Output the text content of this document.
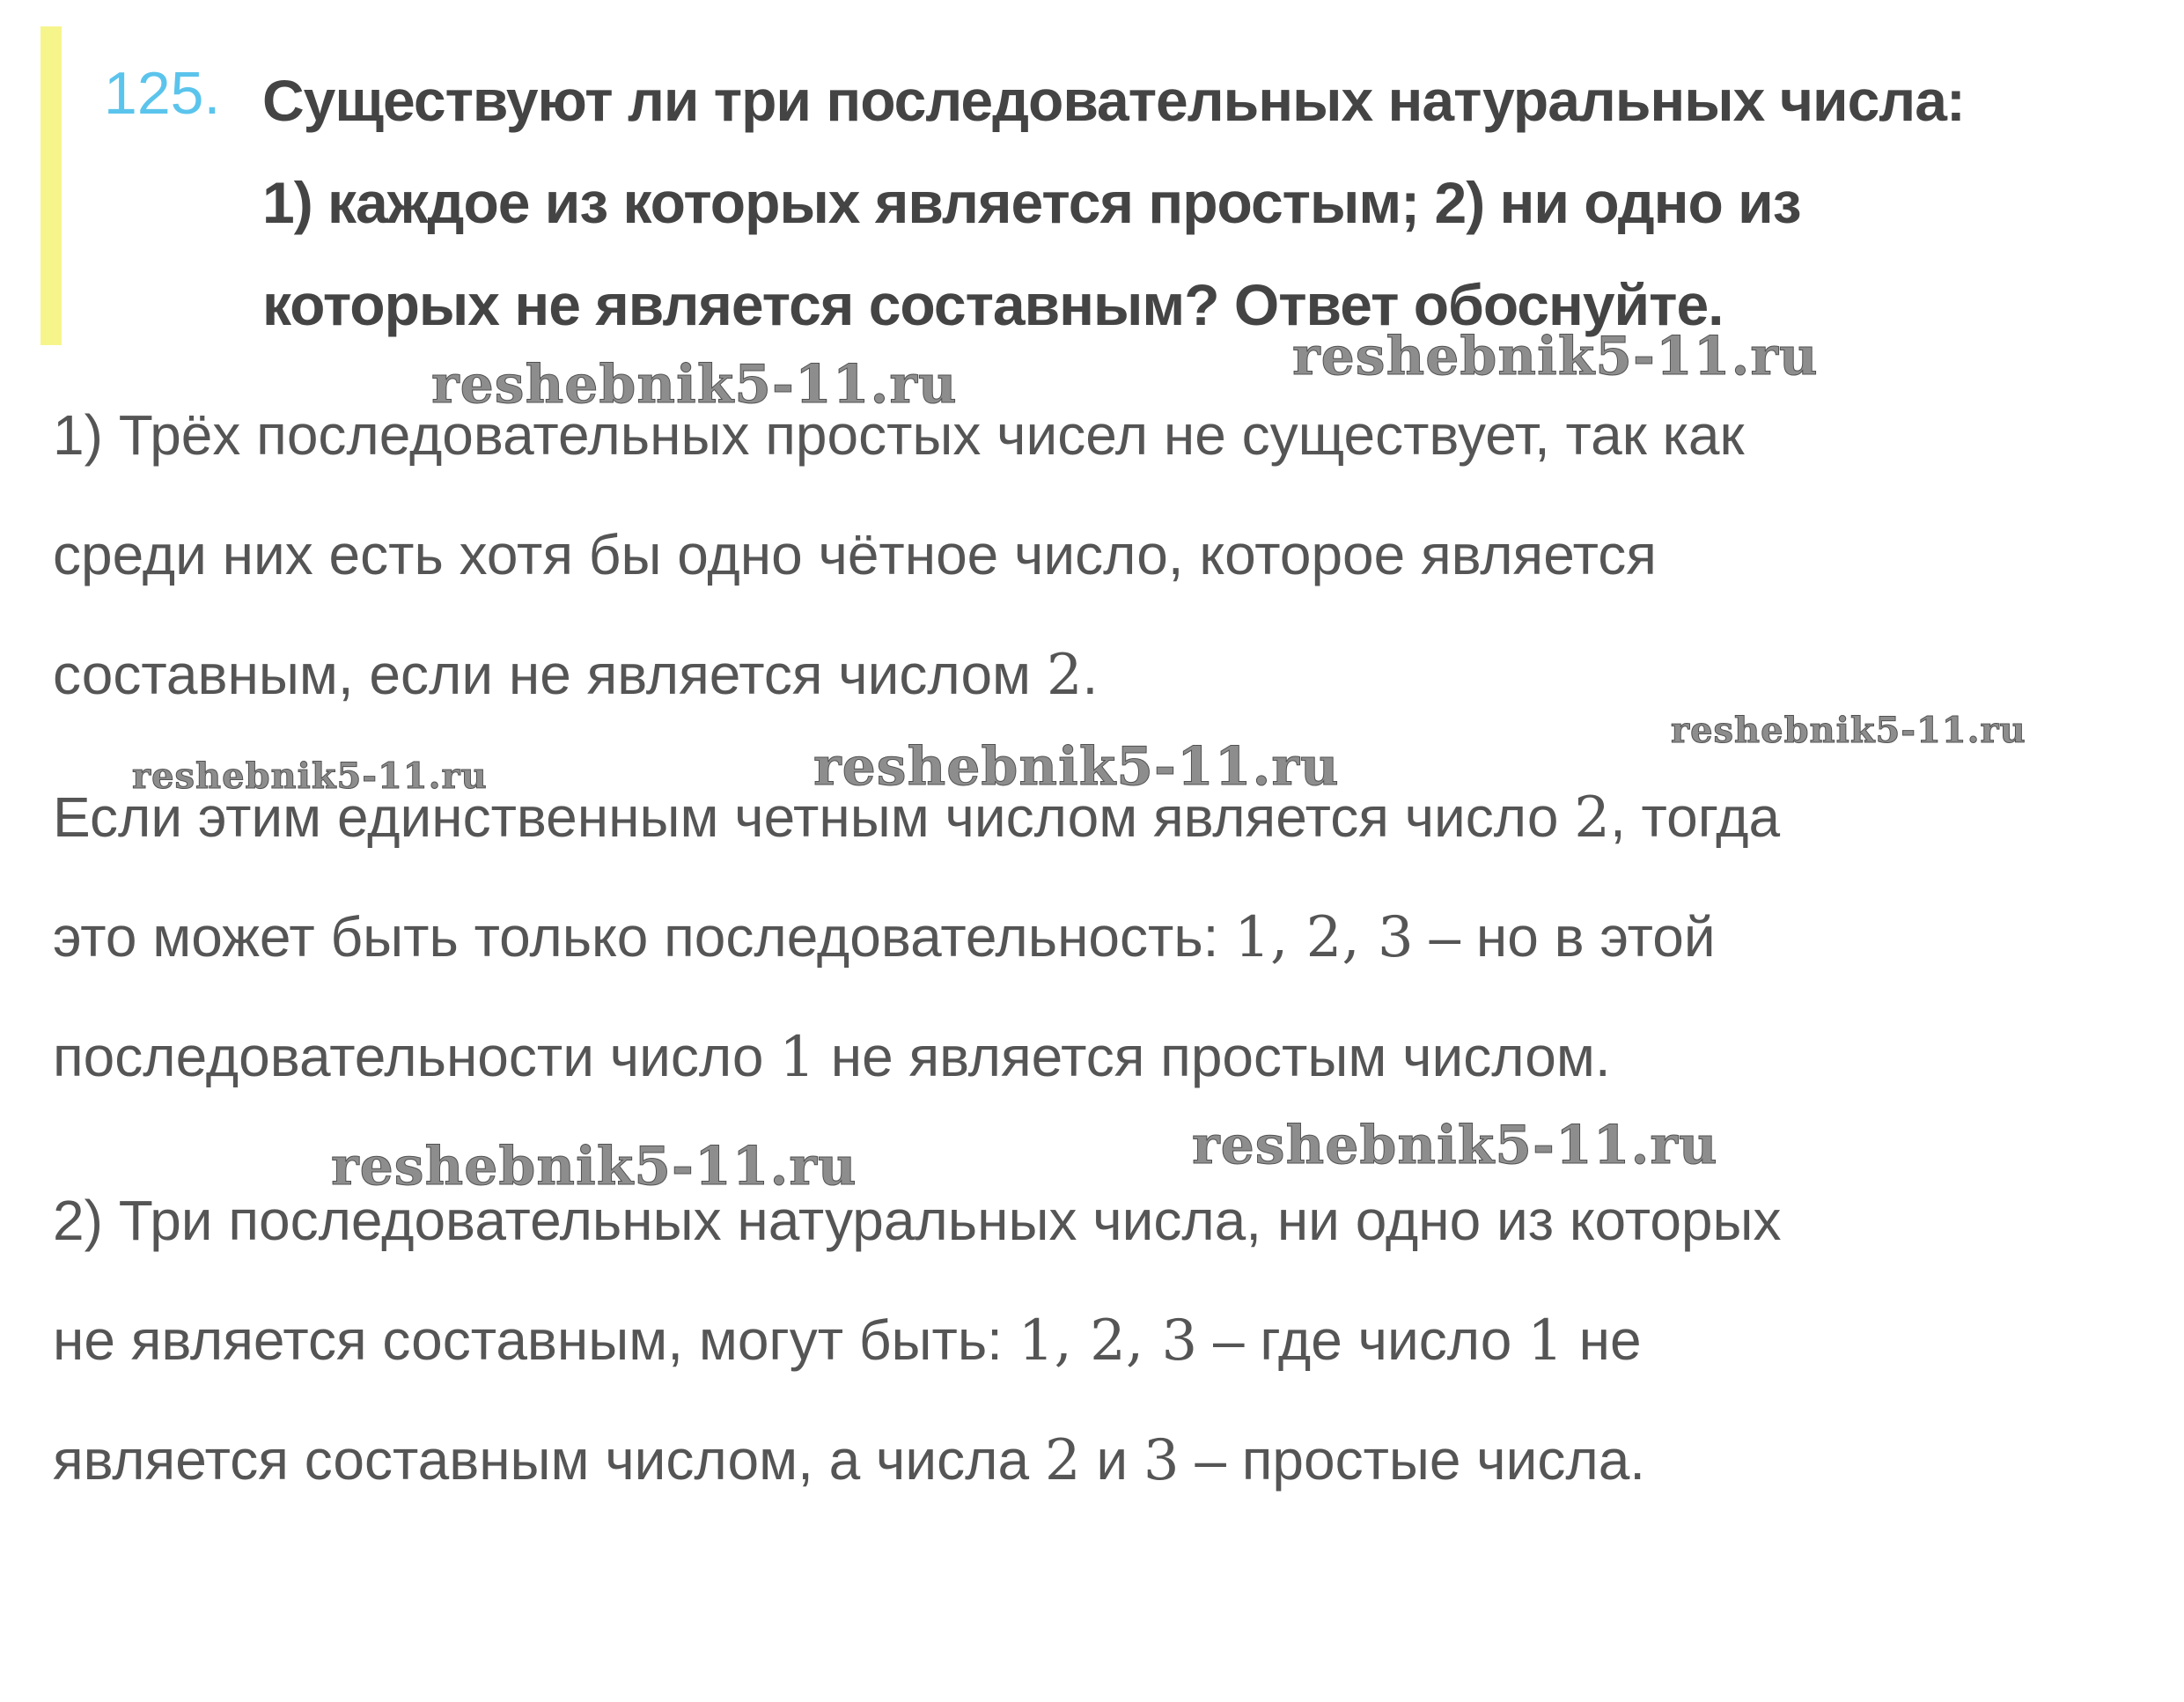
125. Существуют ли три последовательных натуральных числа:
1) каждое из которых является простым; 2) ни одно из
которых не является составным? Ответ обоснуйте.
1) Трёх последовательных простых чисел не существует, так как
среди них есть хотя бы одно чётное число, которое является
составным, если не является числом 2.
Если этим единственным четным числом является число 2, тогда
это может быть только последовательность: 1, 2, 3 – но в этой
последовательности число 1 не является простым числом.
2) Три последовательных натуральных числа, ни одно из которых
не является составным, могут быть: 1, 2, 3 – где число 1 не
является составным числом, а числа 2 и 3 – простые числа.
reshebnik5-11.ru	reshebnik5-11.ru
reshebnik5-11.ru	reshebnik5-11.ru
reshebnik5-11.ru
reshebnik5-11.ru	reshebnik5-11.ru
